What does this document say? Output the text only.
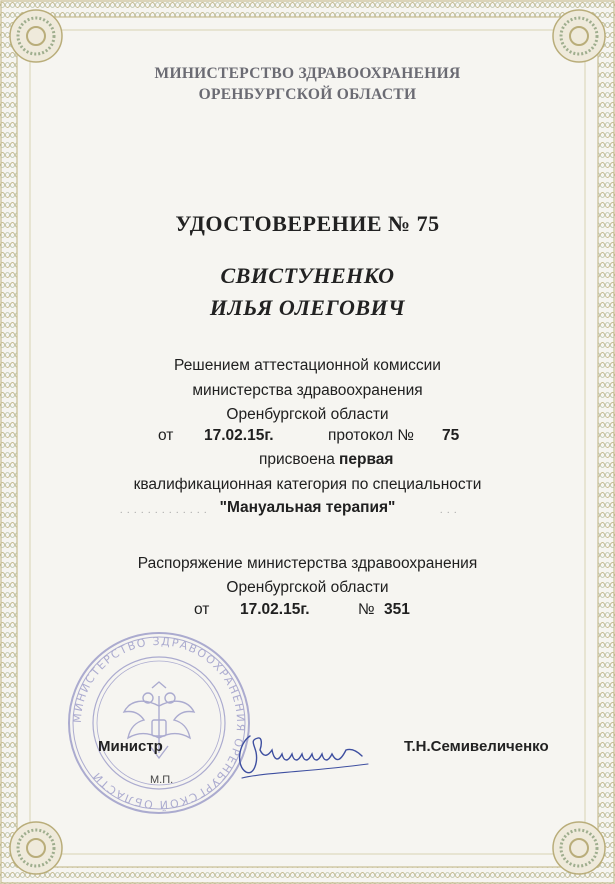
МИНИСТЕРСТВО ЗДРАВООХРАНЕНИЯ
ОРЕНБУРГСКОЙ ОБЛАСТИ
УДОСТОВЕРЕНИЕ № 75
СВИСТУНЕНКО
ИЛЬЯ ОЛЕГОВИЧ
Решением аттестационной комиссии
министерства здравоохранения
Оренбургской области
от 17.02.15г.	протокол № 75
присвоена первая
квалификационная категория по специальности
"Мануальная терапия"
. . . . . . . . . . . . .	. . .
Распоряжение министерства здравоохранения
Оренбургской области
от 17.02.15г.	№ 351
МИНИСТЕРСТВО ЗДРАВООХРАНЕНИЯ ОРЕНБУРГСКОЙ ОБЛАСТИ
Министр	Т.Н.Семивеличенко
М.П.
